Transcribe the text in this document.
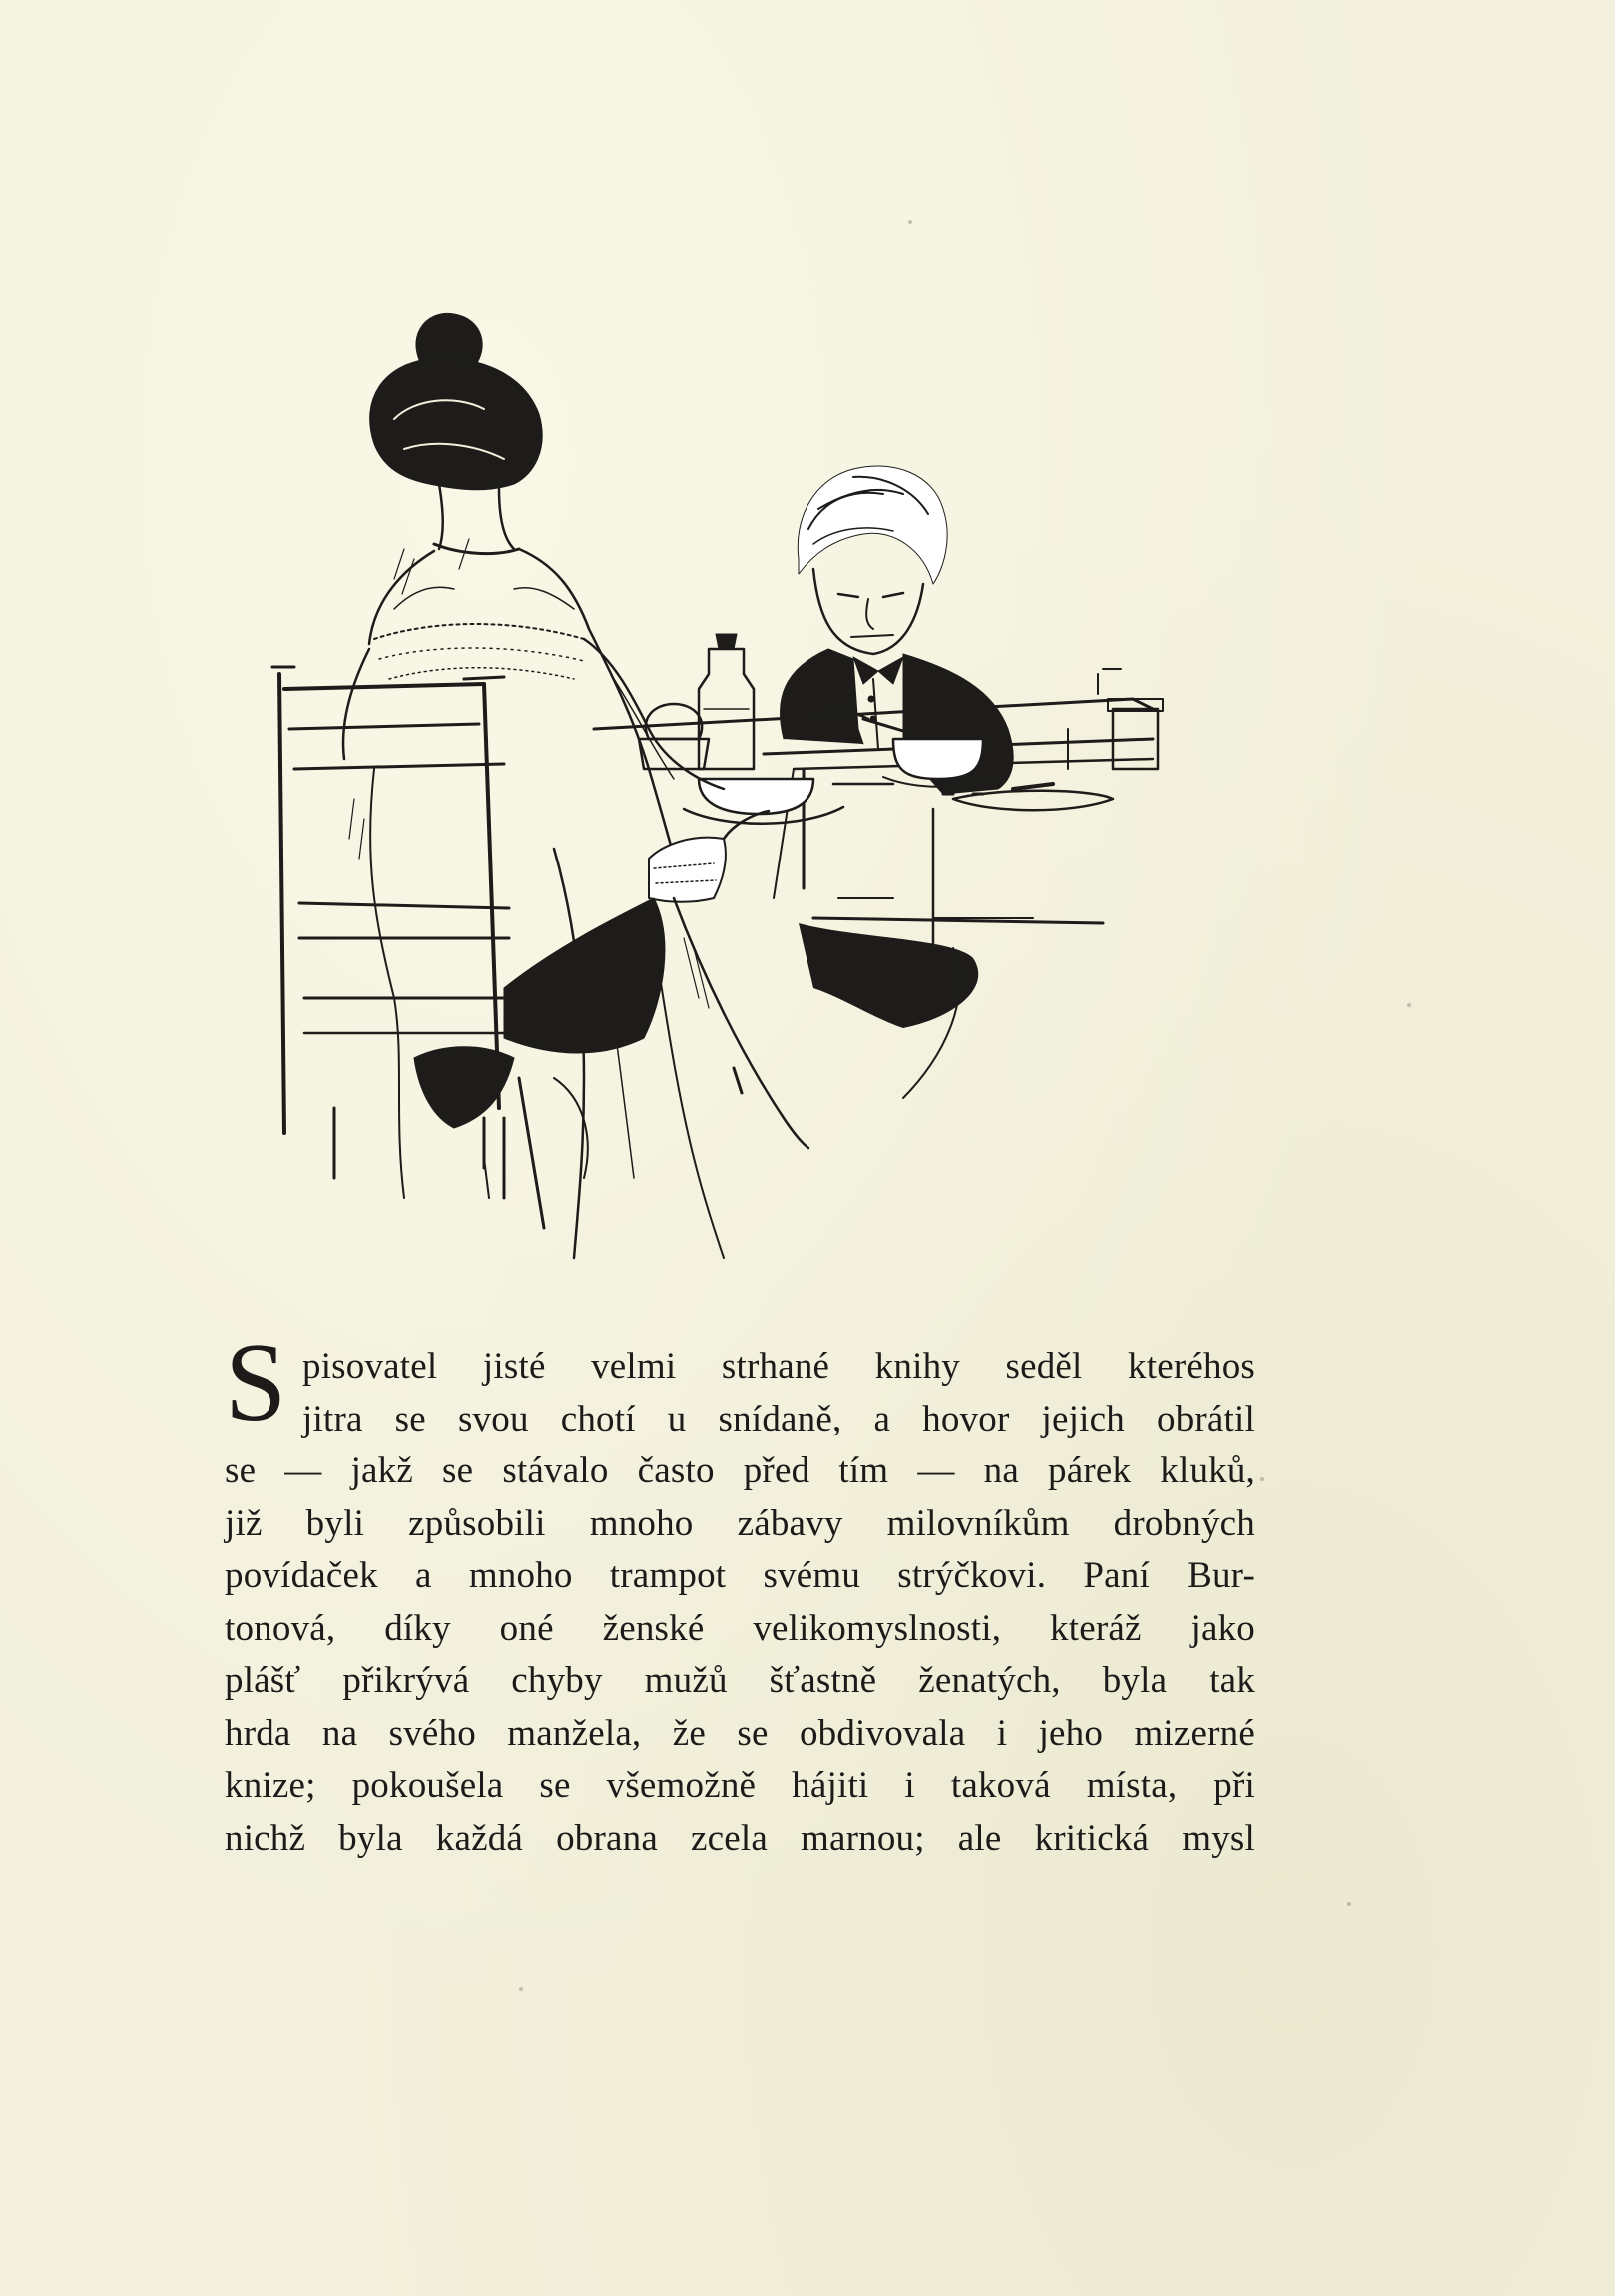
S pisovatel jisté velmi strhané knihy seděl kteréhos
jitra se svou chotí u snídaně, a hovor jejich obrátil
se — jakž se stávalo často před tím — na párek kluků,
již byli způsobili mnoho zábavy milovníkům drobných
povídaček a mnoho trampot svému strýčkovi. Paní Bur-
tonová, díky oné ženské velikomyslnosti, kteráž jako
plášť přikrývá chyby mužů šťastně ženatých, byla tak
hrda na svého manžela, že se obdivovala i jeho mizerné
knize; pokoušela se všemožně hájiti i taková místa, při
nichž byla každá obrana zcela marnou; ale kritická mysl
